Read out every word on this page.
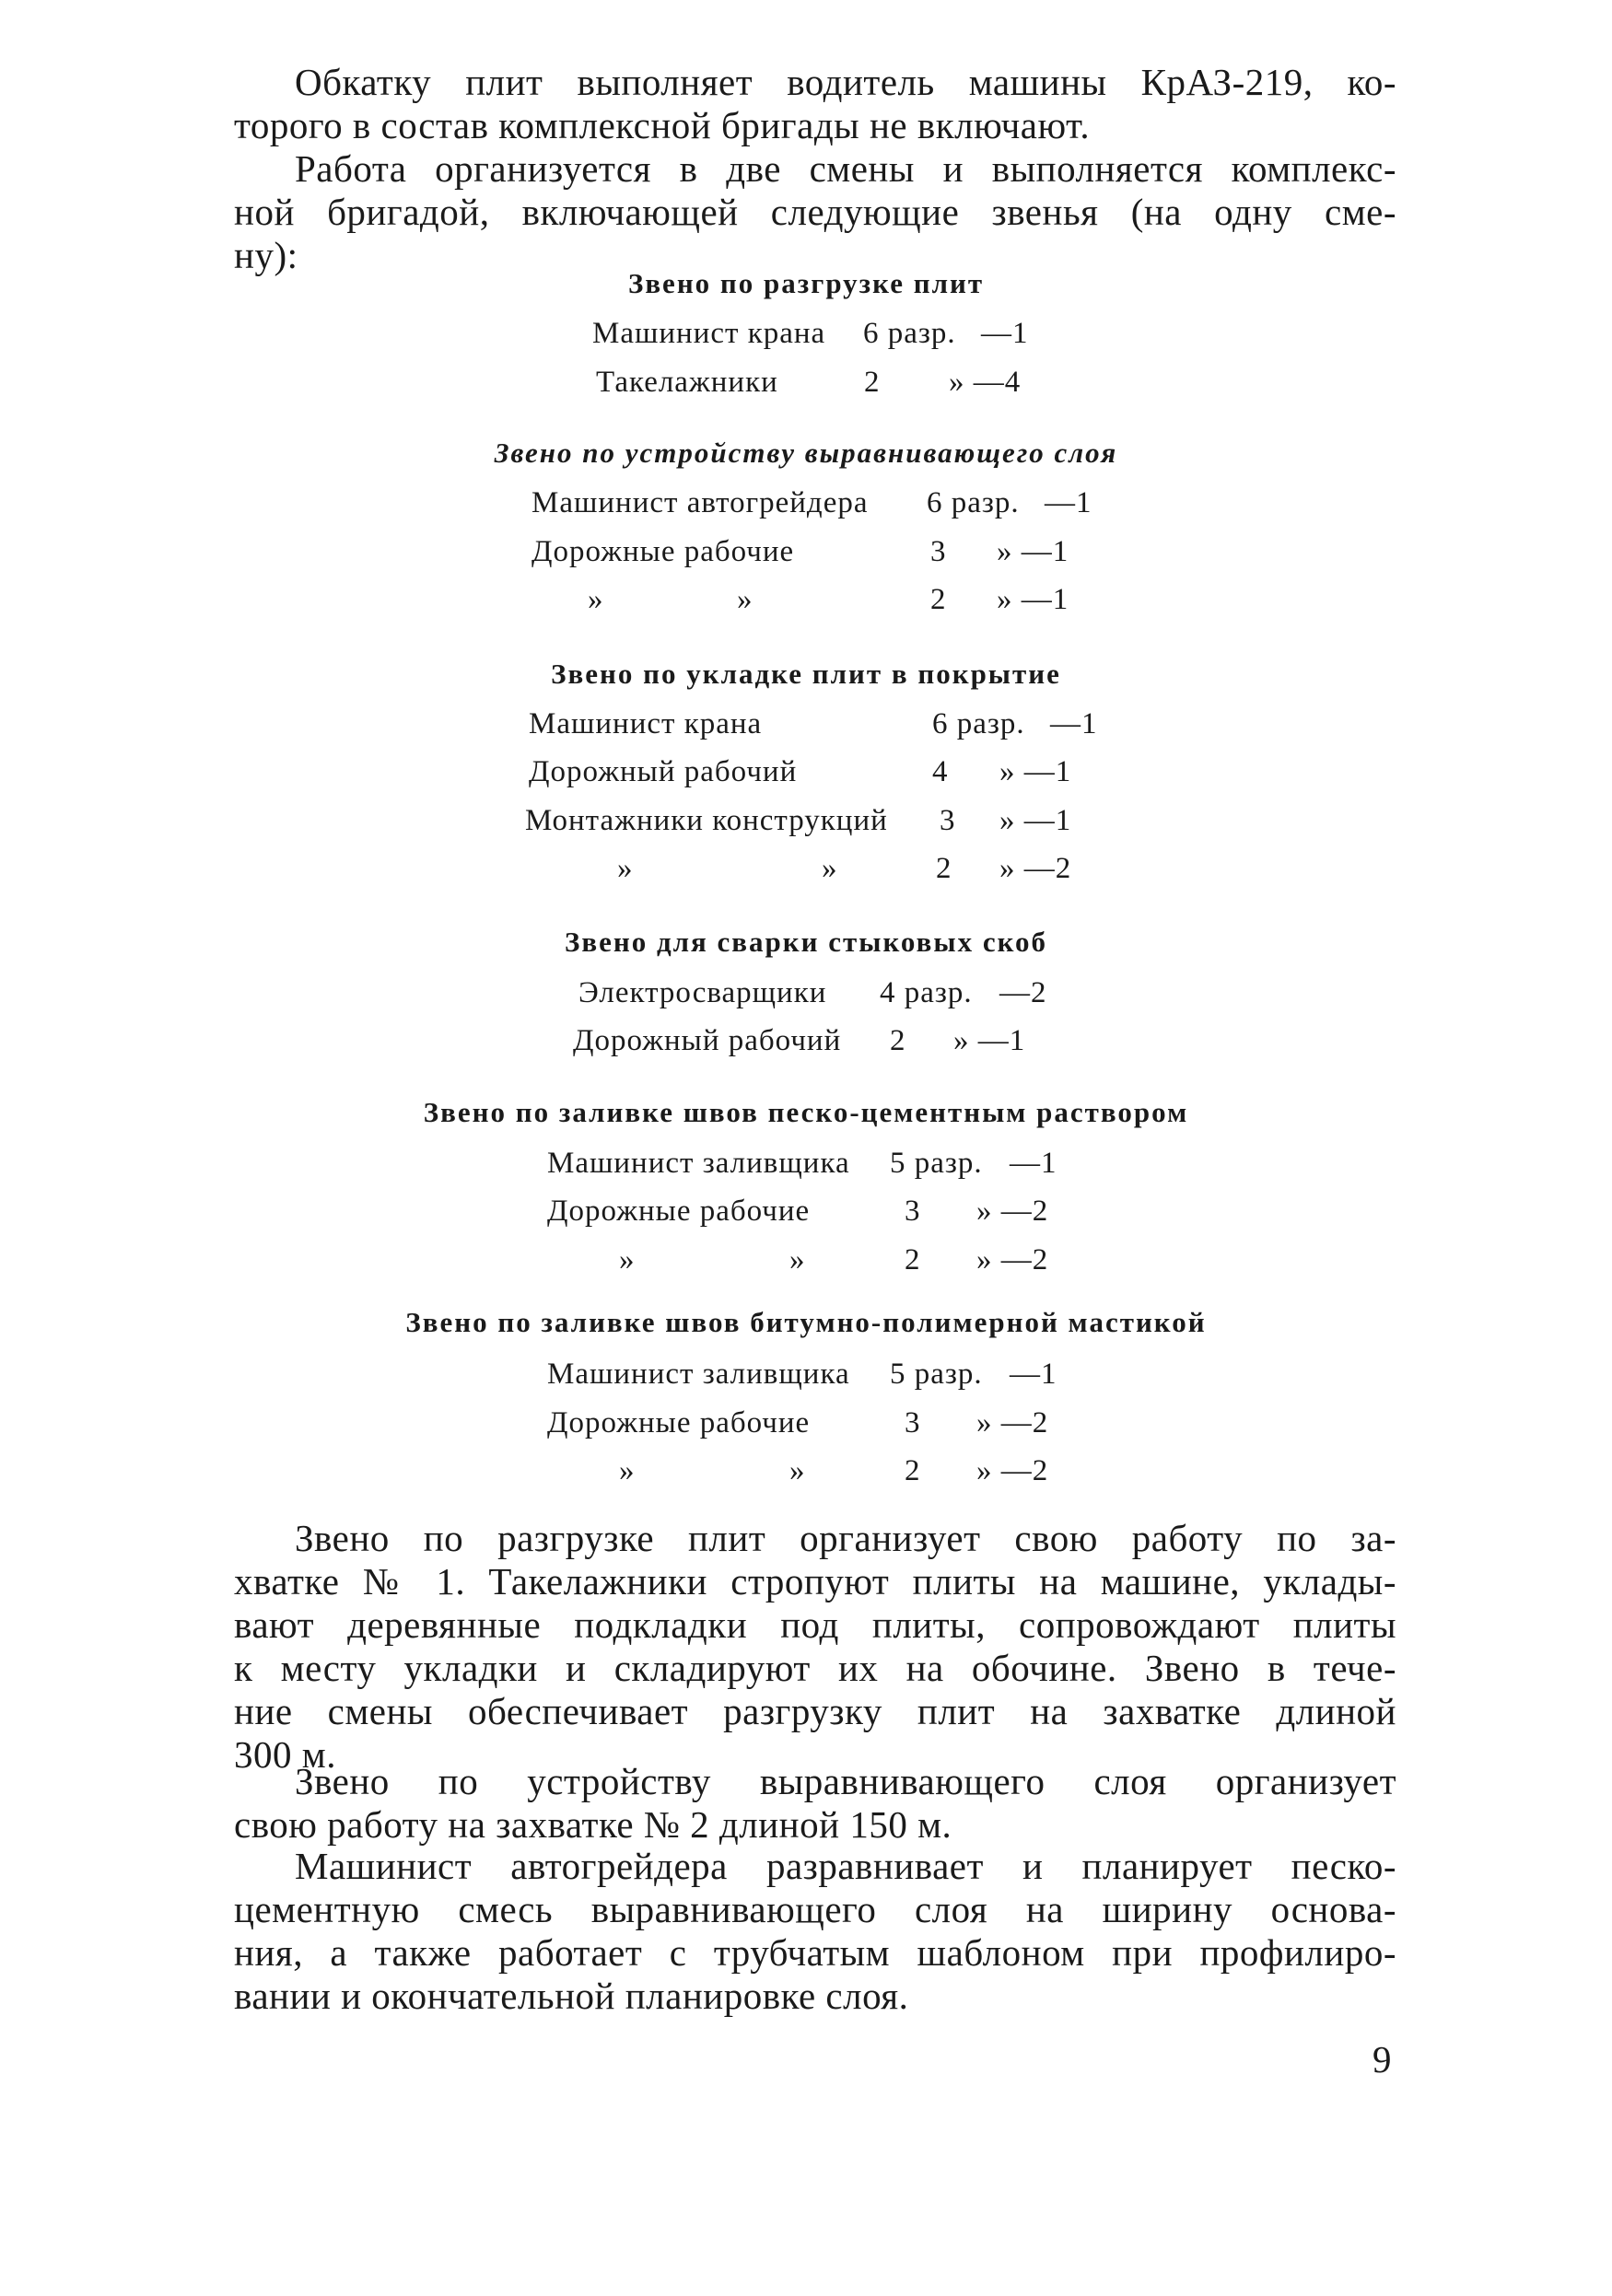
Обкатку плит выполняет водитель машины КрАЗ-219, ко-
торого в состав комплексной бригады не включают.
Работа организуется в две смены и выполняется комплекс-
ной бригадой, включающей следующие звенья (на одну сме-
ну):
Звено по разгрузке плит
Машинист крана 6 разр. —1
Такелажники	2 » —4
Звено по устройству выравнивающего слоя
Машинист автогрейдера 6 разр. —1
Дорожные рабочие	3 » —1
»	»	2 » —1
Звено по укладке плит в покрытие
Машинист крана	6 разр. —1
Дорожный рабочий	4 » —1
Монтажники конструкций 3 » —1
»	»	2 » —2
Звено для сварки стыковых скоб
Электросварщики 4 разр. —2
Дорожный рабочий 2 » —1
Звено по заливке швов песко-цементным раствором
Машинист заливщика 5 разр. —1
Дорожные рабочие	3 » —2
»	»	2 » —2
Звено по заливке швов битумно-полимерной мастикой
Машинист заливщика 5 разр. —1
Дорожные рабочие	3 » —2
»	»	2 » —2
Звено по разгрузке плит организует свою работу по за-
хватке № 1. Такелажники стропуют плиты на машине, уклады-
вают деревянные подкладки под плиты, сопровождают плиты
к месту укладки и складируют их на обочине. Звено в тече-
ние смены обеспечивает разгрузку плит на захватке длиной
300 м.
Звено по устройству выравнивающего слоя организует
свою работу на захватке № 2 длиной 150 м.
Машинист автогрейдера разравнивает и планирует песко-
цементную смесь выравнивающего слоя на ширину основа-
ния, а также работает с трубчатым шаблоном при профилиро-
вании и окончательной планировке слоя.
9
